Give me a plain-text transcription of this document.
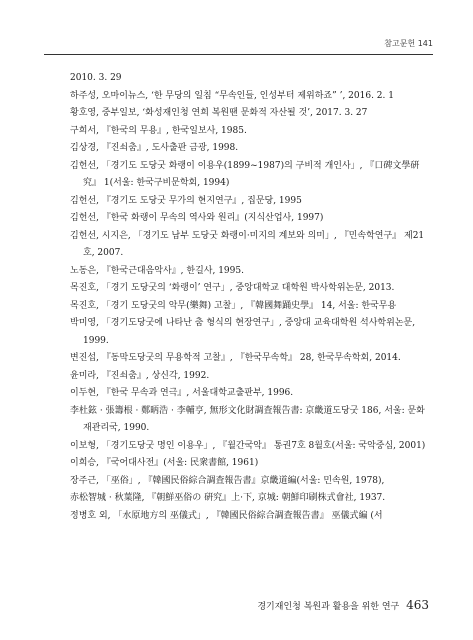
참고문헌 141
2010. 3. 29
하주성, 오마이뉴스, ‘한 무당의 일침 “무속인들, 인성부터 제위하죠” ’, 2016. 2. 1
황호영, 중부일보, ‘화성재인청 연희 복원땐 문화적 자산될 것’, 2017. 3. 27
구희서, 『한국의 무용』, 한국일보사, 1985.
김상경, 『진쇠춤』, 도사출판 금광, 1998.
김헌선, 「경기도 도당굿 화랭이 이용우(1899~1987)의 구비적 개인사」, 『口碑文學硏究』 1(서울: 한국구비문학회, 1994)
김헌선, 『경기도 도당굿 무가의 현지연구』, 집문당, 1995
김헌선, 『한국 화랭이 무속의 역사와 원리』(지식산업사, 1997)
김헌선, 시지은, 「경기도 남부 도당굿 화랭이·미지의 계보와 의미」, 『민속학연구』 제21호, 2007.
노동은, 『한국근대음악사』, 한길사, 1995.
목진호, 「경기 도당굿의 ‘화랭이’ 연구」, 중앙대학교 대학원 박사학위논문, 2013.
목진호, 「경기 도당굿의 악무(樂舞) 고찰」, 『韓國舞踊史學』 14, 서울: 한국무용
박미영, 「경기도당굿에 나타난 춤 형식의 현장연구」, 중앙대 교육대학원 석사학위논문, 1999.
변진섭, 『동막도당굿의 무용학적 고찰』, 『한국무속학』 28, 한국무속학회, 2014.
윤미라, 『진쇠춤』, 상신각, 1992.
이두현, 『한국 무속과 연극』, 서울대학교출판부, 1996.
李杜鉉 · 張籌根 · 鄭昞浩 · 李輔亨, 無形文化財調査報告書: 京畿道도당굿 186, 서울: 문화재관리국, 1990.
이보형, 「경기도당굿 명인 이용우」, 『월간국악』 통권7호 8월호(서울: 국악중심, 2001)
이희승, 『국어대사전』(서울: 民衆書館, 1961)
장주근, 「巫俗」, 『韓國民俗綜合調査報告書』京畿道編(서울: 민속원, 1978),
赤松智城 · 秋葉隆, 『朝鮮巫俗の 硏究』上·下, 京城: 朝鮮印刷株式會社, 1937.
정병호 외, 「水原地方의 巫儀式」, 『韓國民俗綜合調査報告書』 巫儀式編 (서
경기재인청 복원과 활용을 위한 연구 463
